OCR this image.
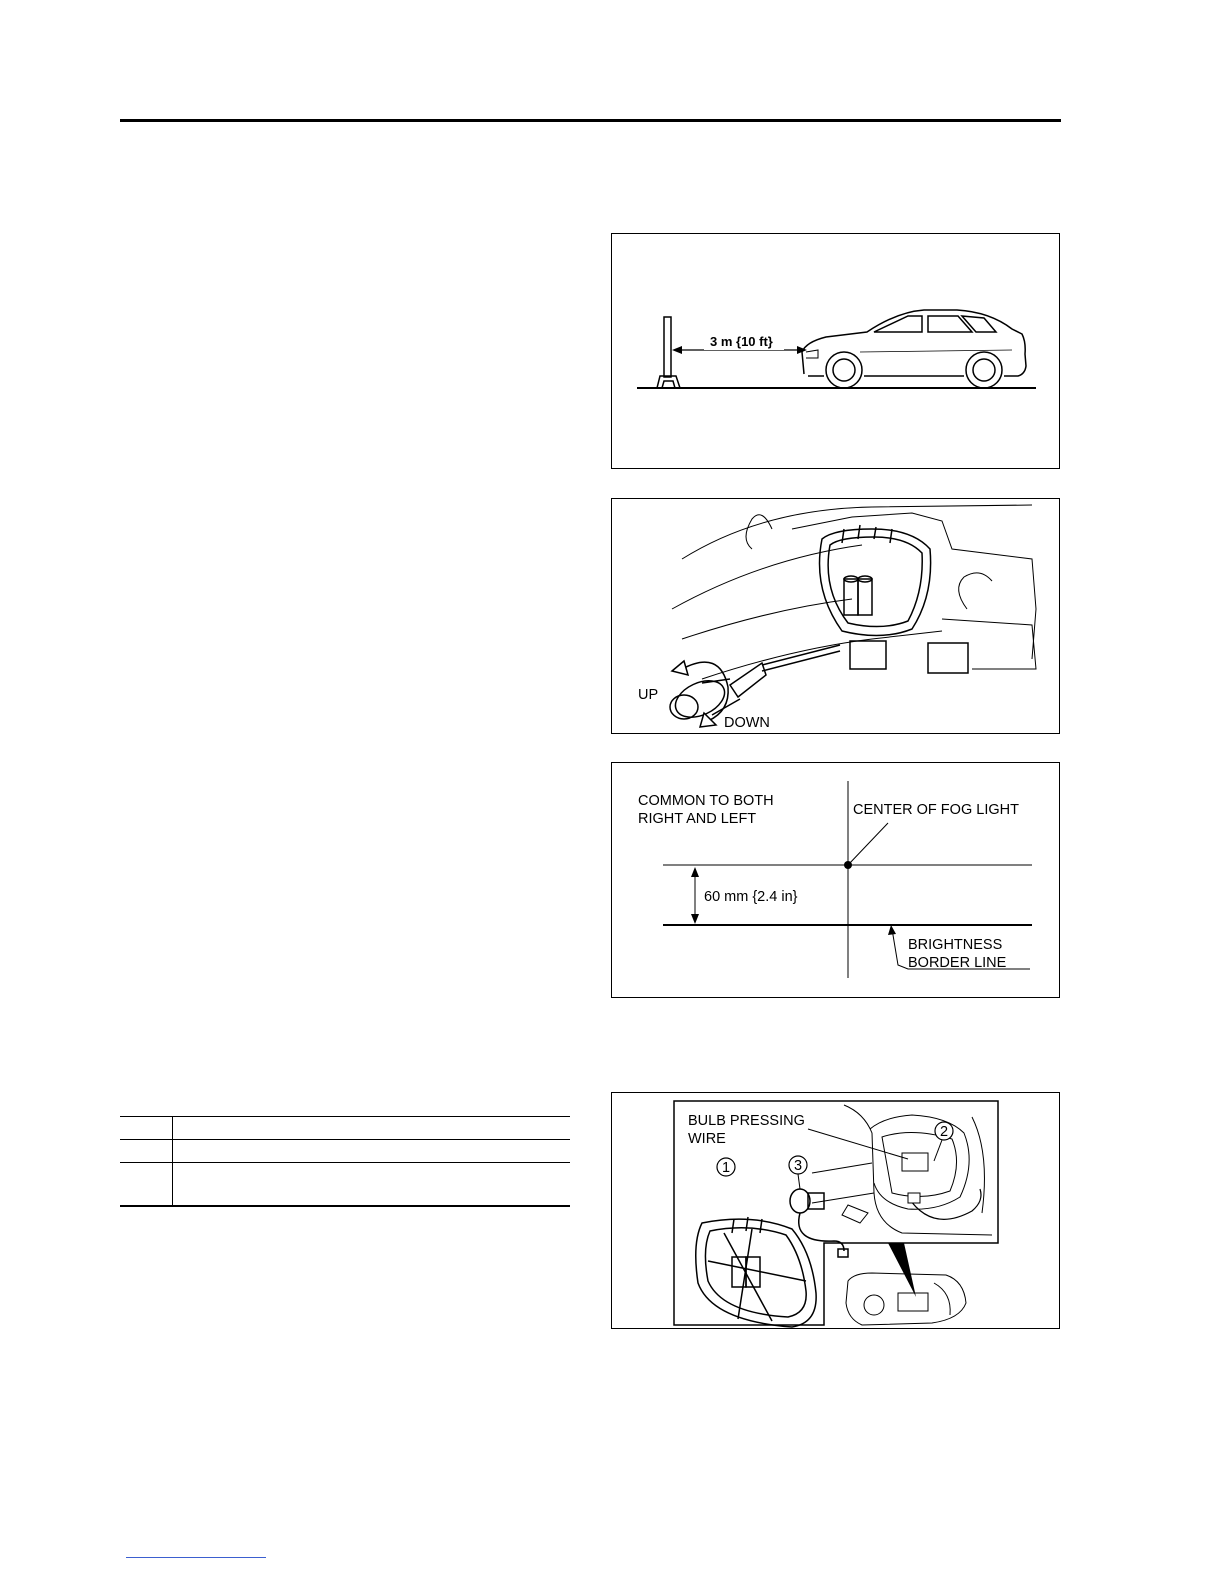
3 m {10 ft}
UP
DOWN
COMMON TO BOTH
RIGHT AND LEFT
CENTER OF FOG LIGHT
60 mm {2.4 in}
BRIGHTNESS
BORDER LINE

BULB PRESSING
WIRE
1
2
3
